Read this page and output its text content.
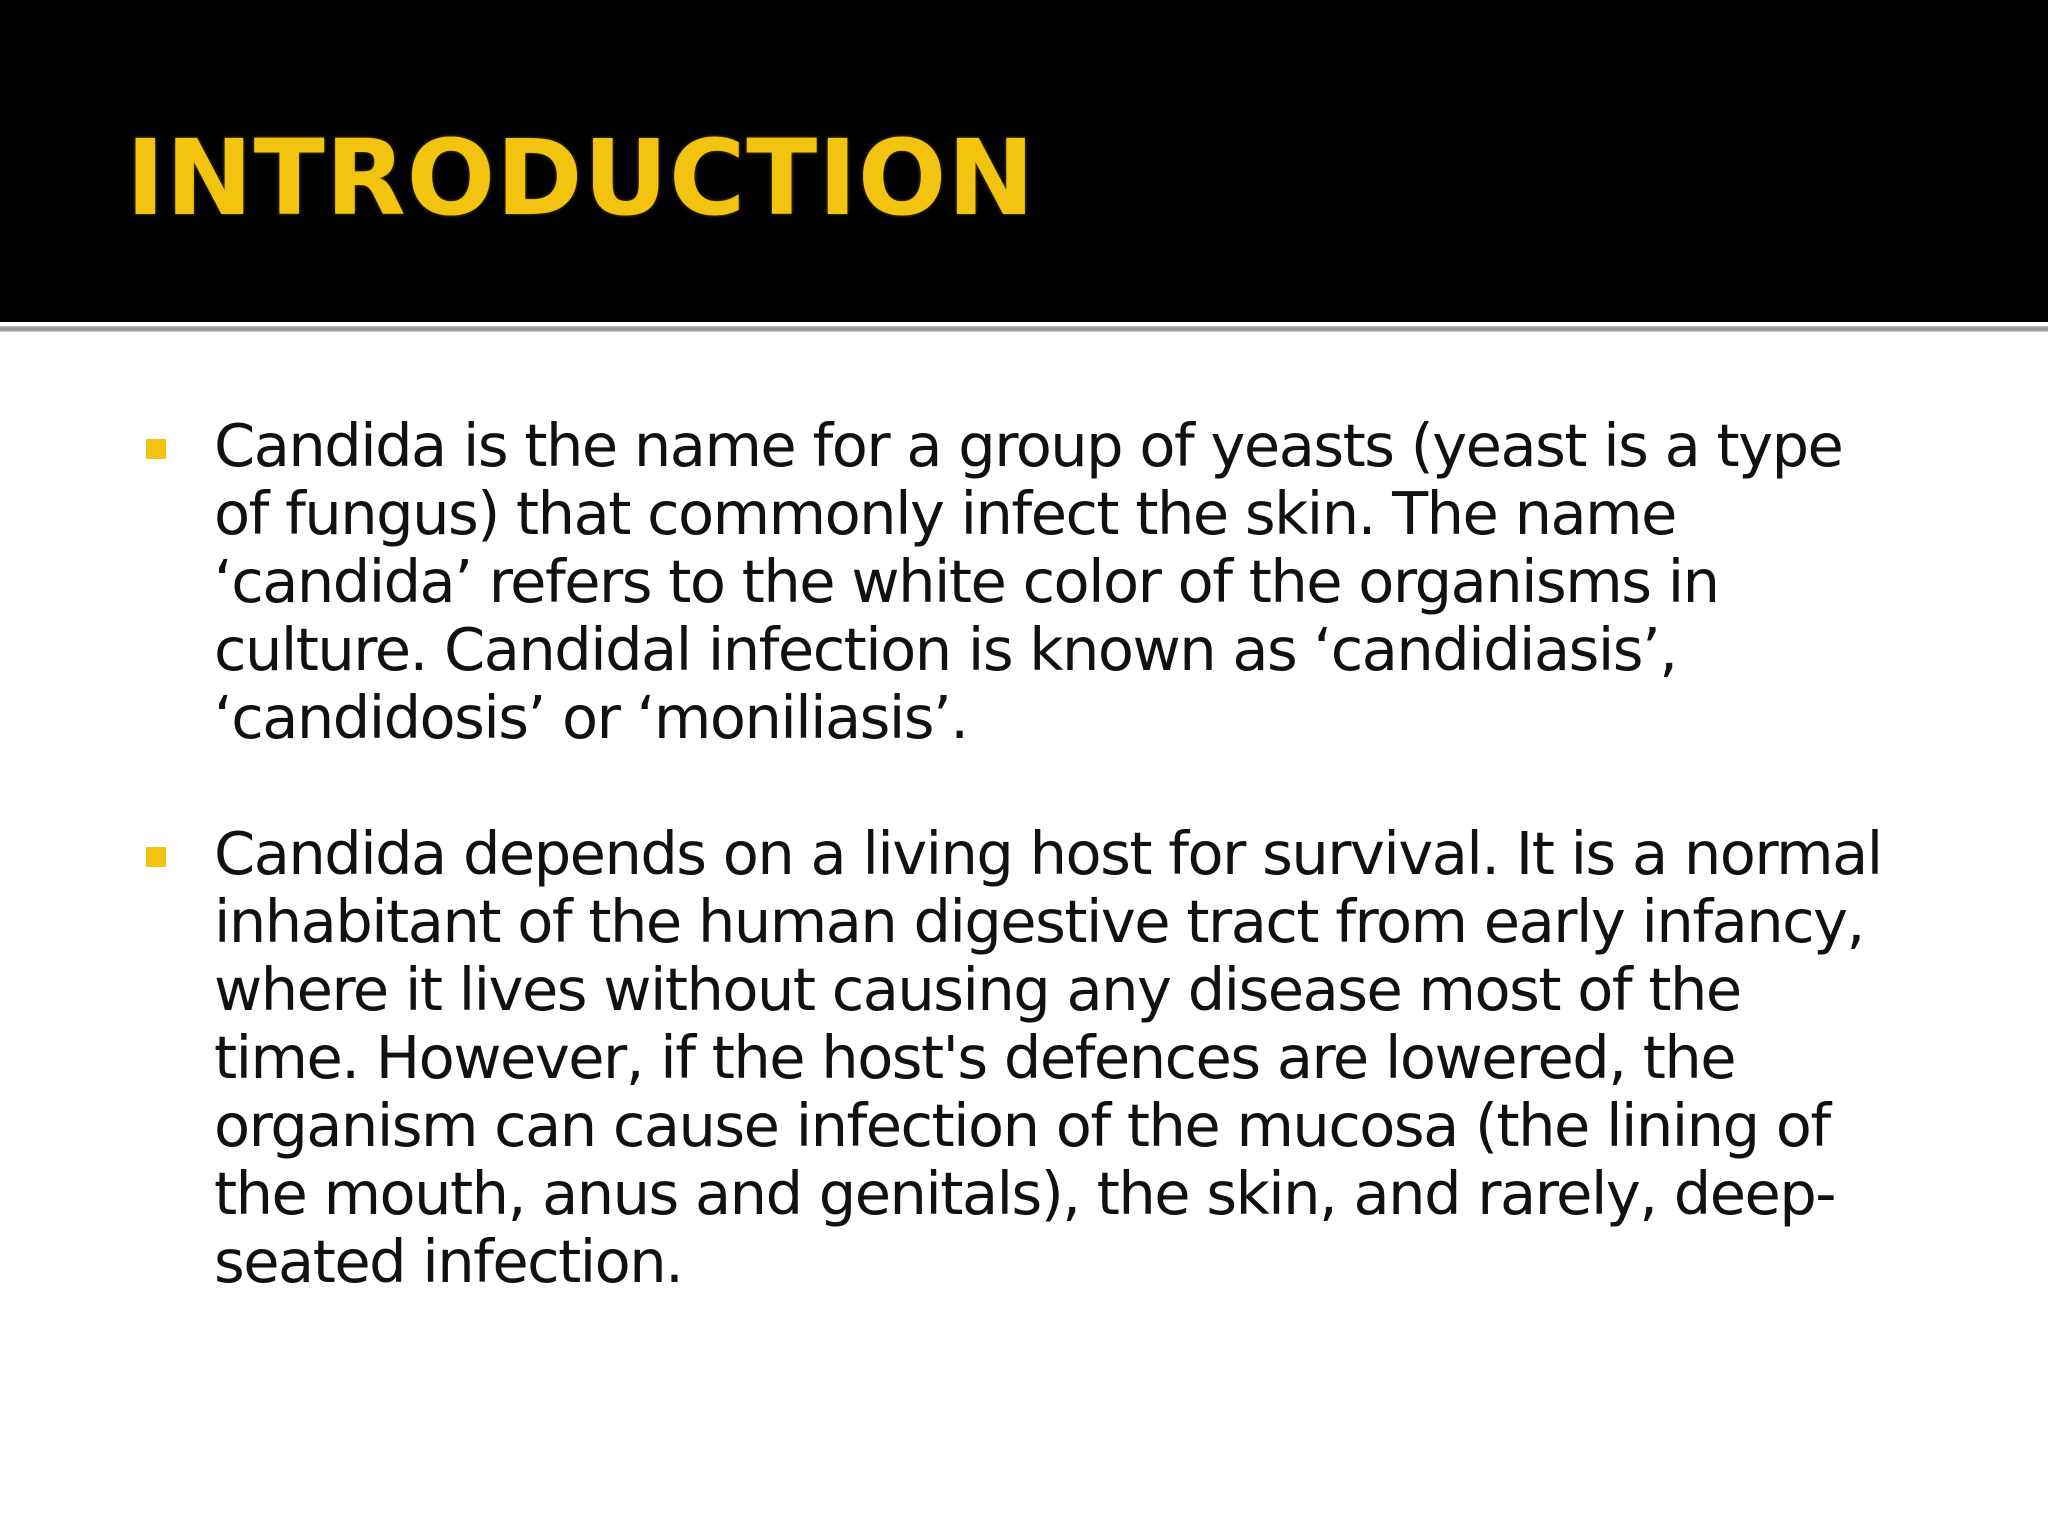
INTRODUCTION
Candida is the name for a group of yeasts (yeast is a type
of fungus) that commonly infect the skin. The name
‘candida’ refers to the white color of the organisms in
culture. Candidal infection is known as ‘candidiasis’,
‘candidosis’ or ‘moniliasis’.
Candida depends on a living host for survival. It is a normal
inhabitant of the human digestive tract from early infancy,
where it lives without causing any disease most of the
time. However, if the host's defences are lowered, the
organism can cause infection of the mucosa (the lining of
the mouth, anus and genitals), the skin, and rarely, deep-
seated infection.
